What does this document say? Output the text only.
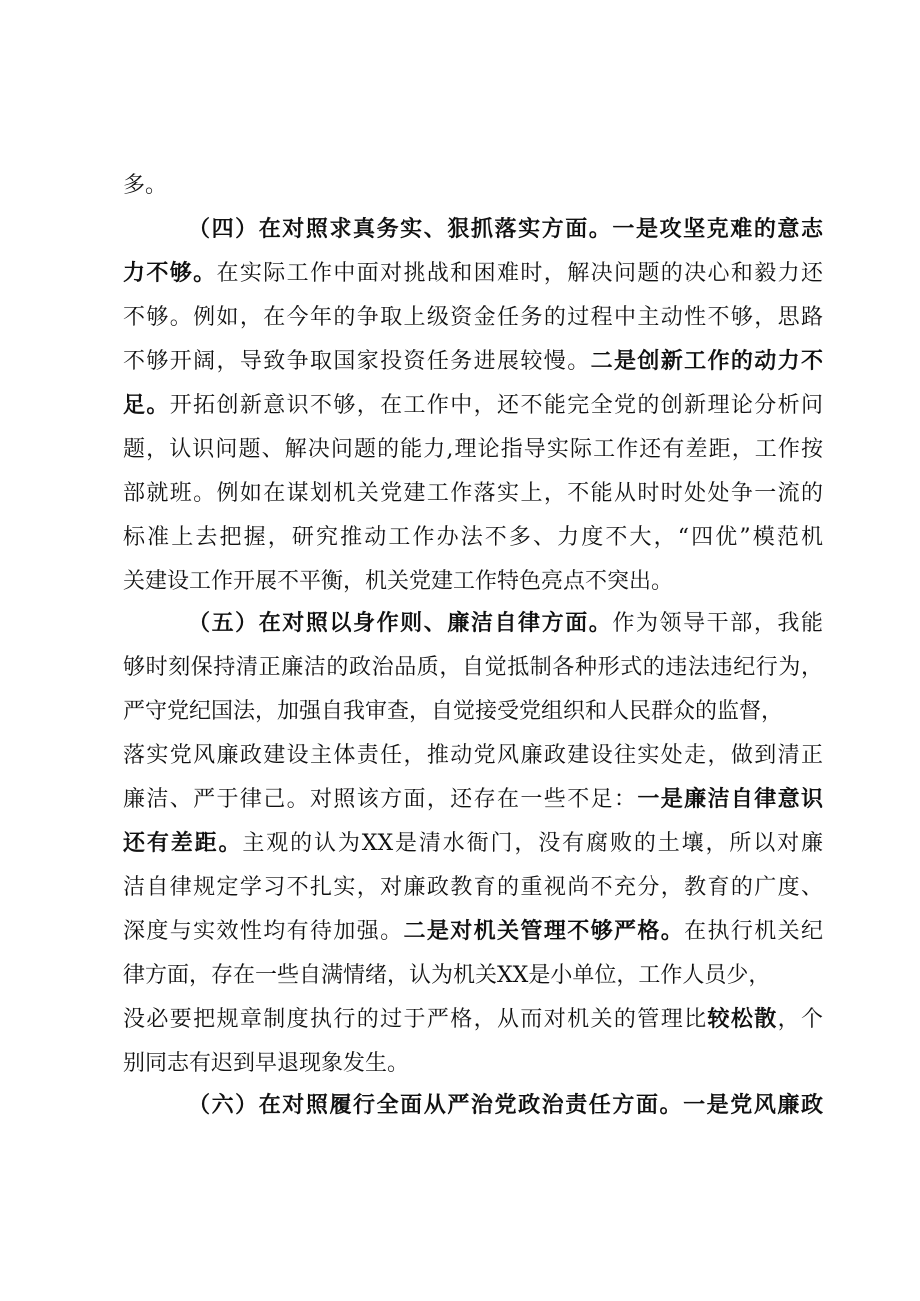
多。
（四）在对照求真务实、狠抓落实方面。一是攻坚克难的意志
力不够。在实际工作中面对挑战和困难时，解决问题的决心和毅力还
不够。例如，在今年的争取上级资金任务的过程中主动性不够，思路
不够开阔，导致争取国家投资任务进展较慢。二是创新工作的动力不
足。开拓创新意识不够，在工作中，还不能完全党的创新理论分析问
题，认识问题、解决问题的能力,理论指导实际工作还有差距，工作按
部就班。例如在谋划机关党建工作落实上，不能从时时处处争一流的
标准上去把握，研究推动工作办法不多、力度不大，“四优”模范机
关建设工作开展不平衡，机关党建工作特色亮点不突出。
（五）在对照以身作则、廉洁自律方面。作为领导干部，我能
够时刻保持清正廉洁的政治品质，自觉抵制各种形式的违法违纪行为，
严守党纪国法，加强自我审查，自觉接受党组织和人民群众的监督，
落实党风廉政建设主体责任，推动党风廉政建设往实处走，做到清正
廉洁、严于律己。对照该方面，还存在一些不足：一是廉洁自律意识
还有差距。主观的认为XX是清水衙门，没有腐败的土壤，所以对廉
洁自律规定学习不扎实，对廉政教育的重视尚不充分，教育的广度、
深度与实效性均有待加强。二是对机关管理不够严格。在执行机关纪
律方面，存在一些自满情绪，认为机关XX是小单位，工作人员少，
没必要把规章制度执行的过于严格，从而对机关的管理比较松散，个
别同志有迟到早退现象发生。
（六）在对照履行全面从严治党政治责任方面。一是党风廉政
